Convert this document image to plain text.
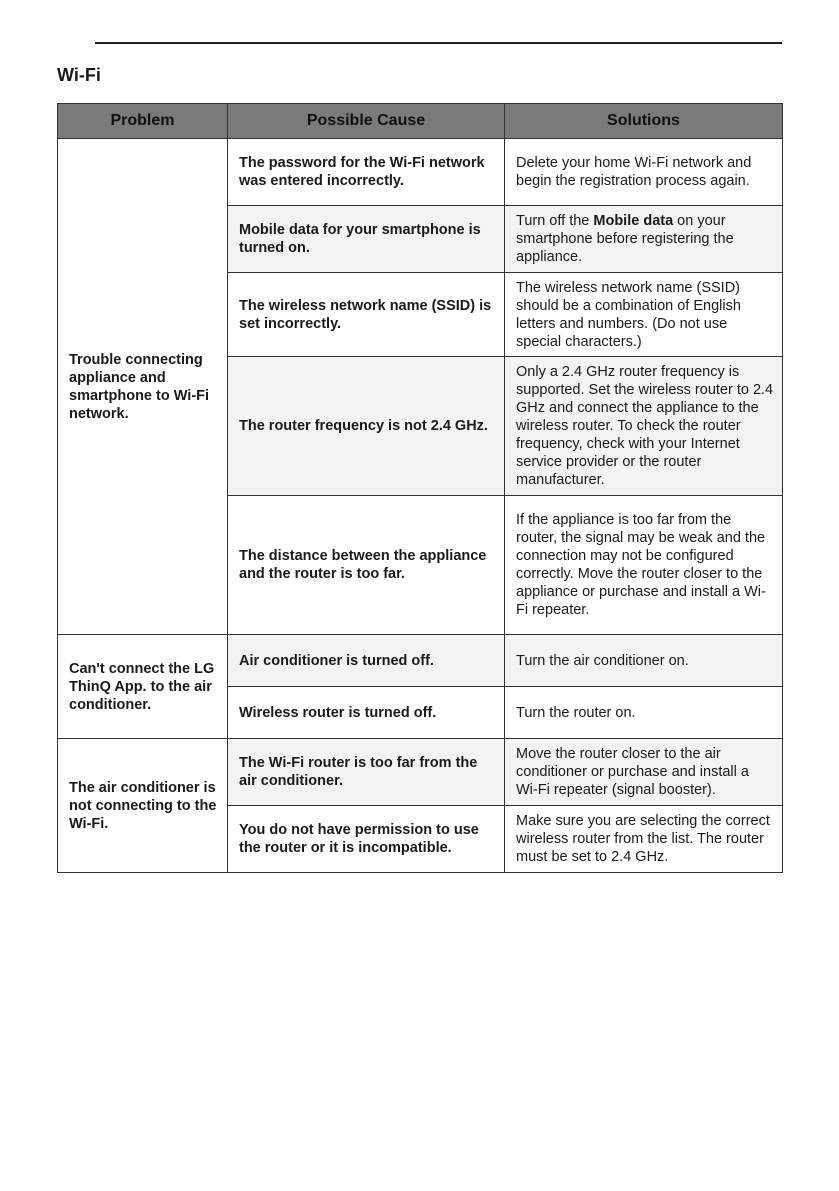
Wi-Fi
Problem	Possible Cause	Solutions

Trouble connecting appliance and smartphone to Wi-Fi network.	The password for the Wi-Fi network was entered incorrectly.	Delete your home Wi-Fi network and begin the registration process again.

	Mobile data for your smartphone is turned on.	Turn off the Mobile data on your smartphone before registering the appliance.

	The wireless network name (SSID) is set incorrectly.	The wireless network name (SSID) should be a combination of English letters and numbers. (Do not use special characters.)

	The router frequency is not 2.4 GHz.	Only a 2.4 GHz router frequency is supported. Set the wireless router to 2.4 GHz and connect the appliance to the wireless router. To check the router frequency, check with your Internet service provider or the router manufacturer.

	The distance between the appliance and the router is too far.	If the appliance is too far from the router, the signal may be weak and the connection may not be configured correctly. Move the router closer to the appliance or purchase and install a Wi-Fi repeater.

Can't connect the LG ThinQ App. to the air conditioner.	Air conditioner is turned off.	Turn the air conditioner on.

	Wireless router is turned off.	Turn the router on.

The air conditioner is not connecting to the Wi-Fi.	The Wi-Fi router is too far from the air conditioner.	Move the router closer to the air conditioner or purchase and install a Wi-Fi repeater (signal booster).

	You do not have permission to use the router or it is incompatible.	Make sure you are selecting the correct wireless router from the list. The router must be set to 2.4 GHz.
